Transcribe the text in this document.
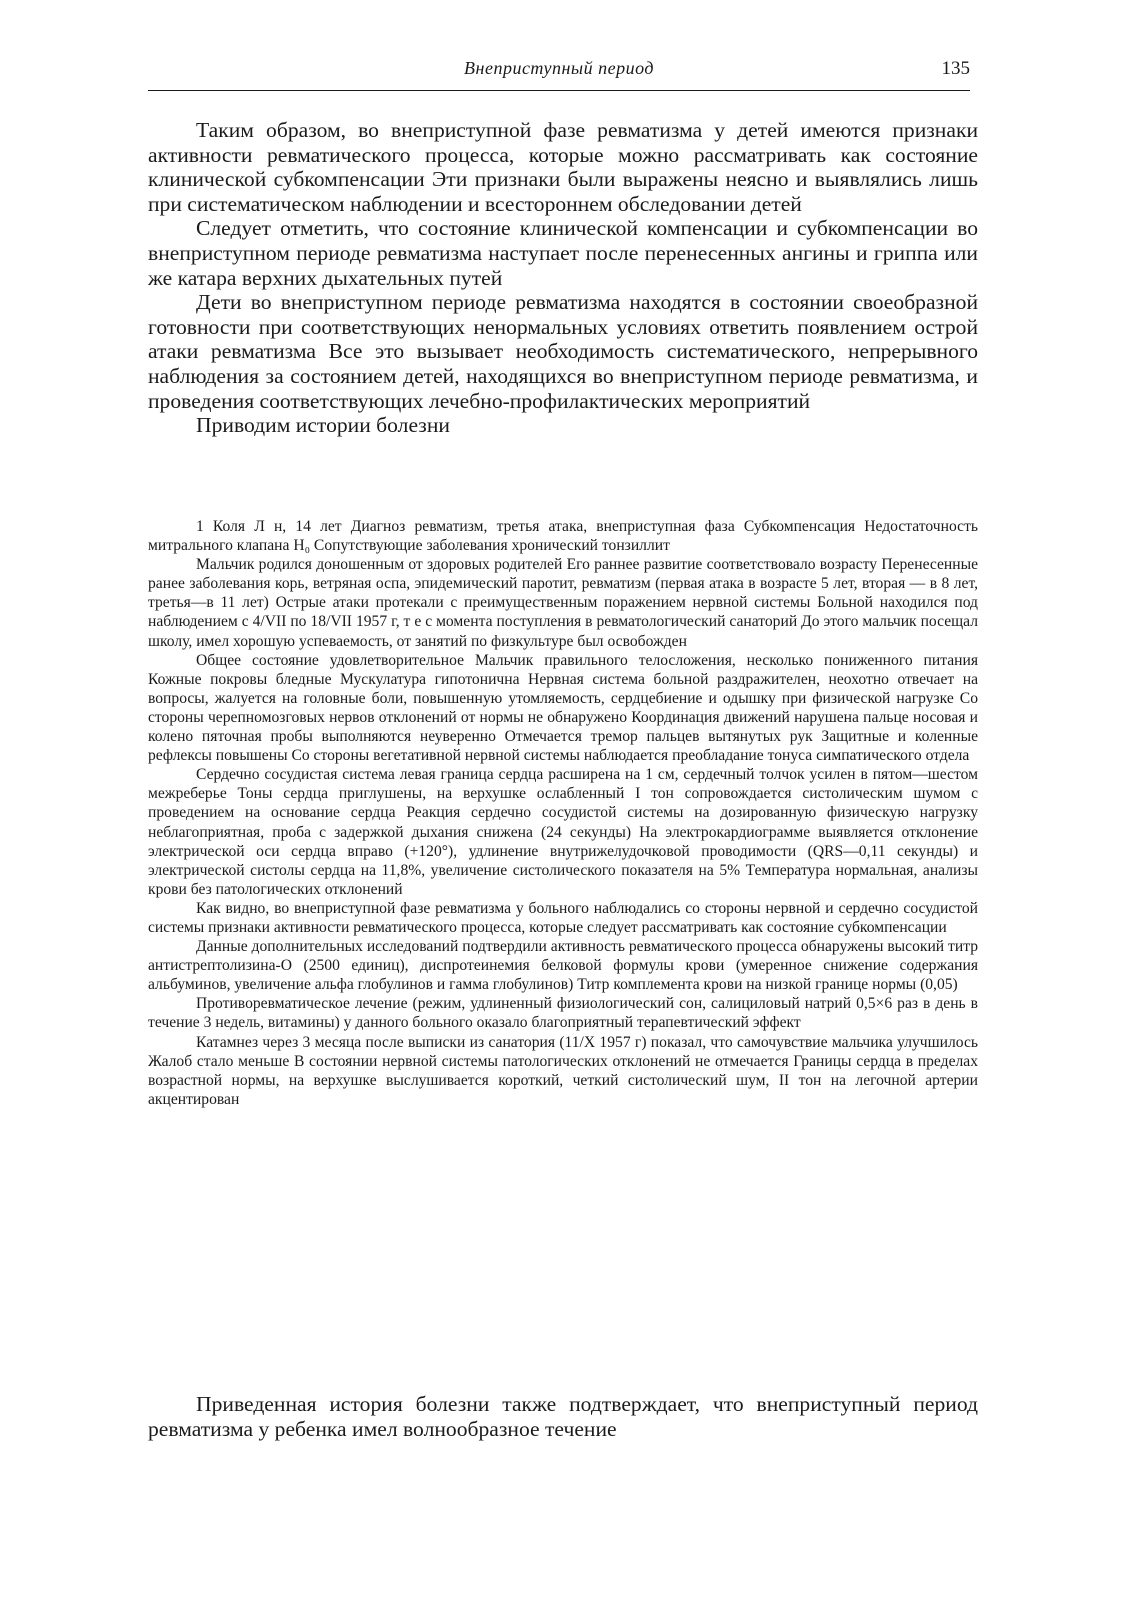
Внеприступный период	135

Таким образом, во внеприступной фазе ревматизма у детей имеются признаки активности ревматического процесса, которые можно рассматривать как состояние клинической субкомпенсации Эти признаки были выражены неясно и выявлялись лишь при систематическом наблюдении и всестороннем обследовании детей

Следует отметить, что состояние клинической компенсации и субкомпенсации во внеприступном периоде ревматизма наступает после перенесенных ангины и гриппа или же катара верхних дыхательных путей

Дети во внеприступном периоде ревматизма находятся в состоянии своеобразной готовности при соответствующих ненормальных условиях ответить появлением острой атаки ревматизма Все это вызывает необходимость систематического, непрерывного наблюдения за состоянием детей, находящихся во внеприступном периоде ревматизма, и проведения соответствующих лечебно-профилактических мероприятий

Приводим истории болезни

1 Коля Л н, 14 лет Диагноз ревматизм, третья атака, внеприступная фаза Субкомпенсация Недостаточность митрального клапана H₀ Сопутствующие заболевания хронический тонзиллит

Мальчик родился доношенным от здоровых родителей Его раннее развитие соответствовало возрасту Перенесенные ранее заболевания корь, ветряная оспа, эпидемический паротит, ревматизм (первая атака в возрасте 5 лет, вторая — в 8 лет, третья—в 11 лет) Острые атаки протекали с преимущественным поражением нервной системы Больной находился под наблюдением с 4/VII по 18/VII 1957 г, т е с момента поступления в ревматологический санаторий До этого мальчик посещал школу, имел хорошую успеваемость, от занятий по физкультуре был освобожден

Общее состояние удовлетворительное Мальчик правильного телосложения, несколько пониженного питания Кожные покровы бледные Мускулатура гипотонична Нервная система больной раздражителен, неохотно отвечает на вопросы, жалуется на головные боли, повышенную утомляемость, сердцебиение и одышку при физической нагрузке Со стороны черепномозговых нервов отклонений от нормы не обнаружено Координация движений нарушена пальце носовая и колено пяточная пробы выполняются неуверенно Отмечается тремор пальцев вытянутых рук Защитные и коленные рефлексы повышены Со стороны вегетативной нервной системы наблюдается преобладание тонуса симпатического отдела

Сердечно сосудистая система левая граница сердца расширена на 1 см, сердечный толчок усилен в пятом—шестом межреберье Тоны сердца приглушены, на верхушке ослабленный I тон сопровождается систолическим шумом с проведением на основание сердца Реакция сердечно сосудистой системы на дозированную физическую нагрузку неблагоприятная, проба с задержкой дыхания снижена (24 секунды) На электрокардиограмме выявляется отклонение электрической оси сердца вправо (+120°), удлинение внутрижелудочковой проводимости (QRS—0,11 секунды) и электрической систолы сердца на 11,8%, увеличение систолического показателя на 5% Температура нормальная, анализы крови без патологических отклонений

Как видно, во внеприступной фазе ревматизма у больного наблюдались со стороны нервной и сердечно сосудистой системы признаки активности ревматического процесса, которые следует рассматривать как состояние субкомпенсации

Данные дополнительных исследований подтвердили активность ревматического процесса обнаружены высокий титр антистрептолизина-О (2500 единиц), диспротеинемия белковой формулы крови (умеренное снижение содержания альбуминов, увеличение альфа глобулинов и гамма глобулинов) Титр комплемента крови на низкой границе нормы (0,05)

Противоревматическое лечение (режим, удлиненный физиологический сон, салициловый натрий 0,5×6 раз в день в течение 3 недель, витамины) у данного больного оказало благоприятный терапевтический эффект

Катамнез через 3 месяца после выписки из санатория (11/X 1957 г) показал, что самочувствие мальчика улучшилось Жалоб стало меньше В состоянии нервной системы патологических отклонений не отмечается Границы сердца в пределах возрастной нормы, на верхушке выслушивается короткий, четкий систолический шум, II тон на легочной артерии акцентирован

Приведенная история болезни также подтверждает, что внеприступный период ревматизма у ребенка имел волнообразное течение
